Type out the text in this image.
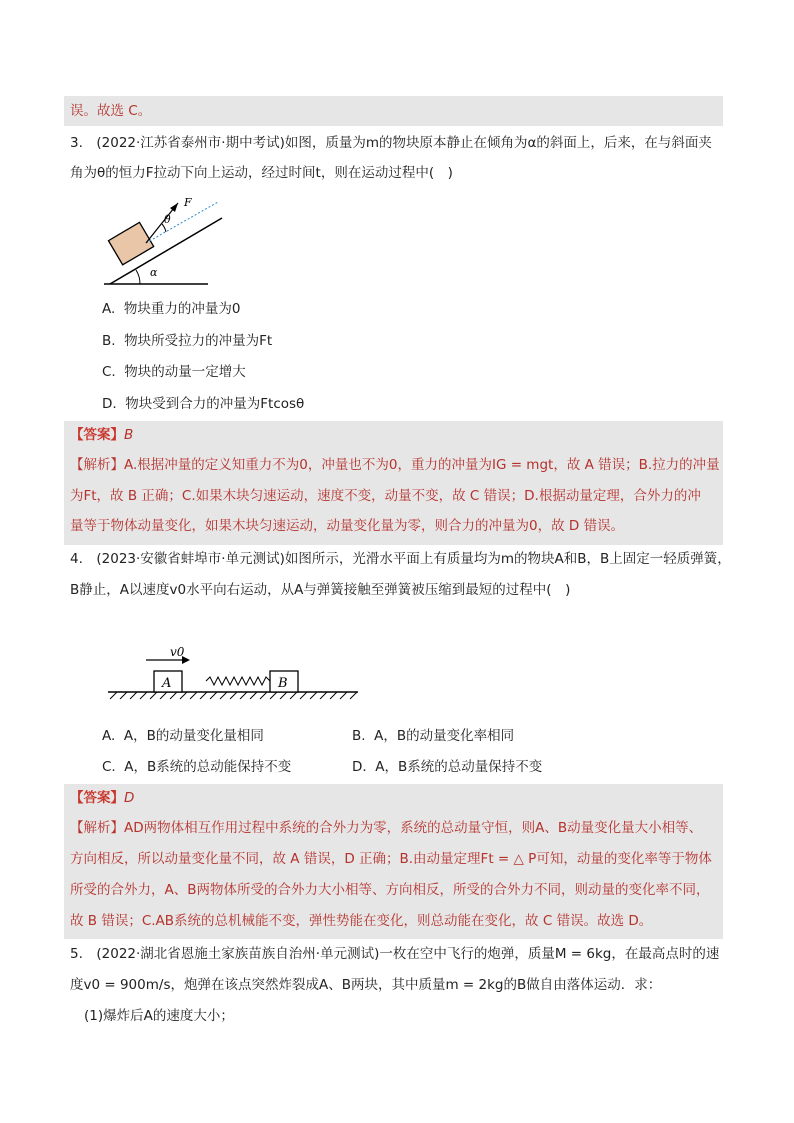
误。故选 C。
3.　(2022·江苏省泰州市·期中考试)如图，质量为m的物块原本静止在倾角为α的斜面上，后来，在与斜面夹
角为θ的恒力F拉动下向上运动，经过时间t，则在运动过程中(　)
F
θ
α
A.  物块重力的冲量为0
B.  物块所受拉力的冲量为Ft
C.  物块的动量一定增大
D.  物块受到合力的冲量为Ftcosθ
【答案】B
【解析】A.根据冲量的定义知重力不为0，冲量也不为0，重力的冲量为IG = mgt，故 A 错误；B.拉力的冲量
为Ft，故 B 正确；C.如果木块匀速运动，速度不变，动量不变，故 C 错误；D.根据动量定理，合外力的冲
量等于物体动量变化，如果木块匀速运动，动量变化量为零，则合力的冲量为0，故 D 错误。
4.　(2023·安徽省蚌埠市·单元测试)如图所示，光滑水平面上有质量均为m的物块A和B，B上固定一轻质弹簧，
B静止，A以速度v0水平向右运动，从A与弹簧接触至弹簧被压缩到最短的过程中(　)
A	B
v0
A.  A，B的动量变化量相同	B.  A，B的动量变化率相同
C.  A，B系统的总动能保持不变	D.  A，B系统的总动量保持不变
【答案】D
【解析】AD两物体相互作用过程中系统的合外力为零，系统的总动量守恒，则A、B动量变化量大小相等、
方向相反，所以动量变化量不同，故 A 错误，D 正确；B.由动量定理Ft = △ P可知，动量的变化率等于物体
所受的合外力，A、B两物体所受的合外力大小相等、方向相反，所受的合外力不同，则动量的变化率不同，
故 B 错误；C.AB系统的总机械能不变，弹性势能在变化，则总动能在变化，故 C 错误。故选 D。
5.　(2022·湖北省恩施土家族苗族自治州·单元测试)一枚在空中飞行的炮弹，质量M = 6kg，在最高点时的速
度v0 = 900m/s，炮弹在该点突然炸裂成A、B两块，其中质量m = 2kg的B做自由落体运动．求：
(1)爆炸后A的速度大小；
